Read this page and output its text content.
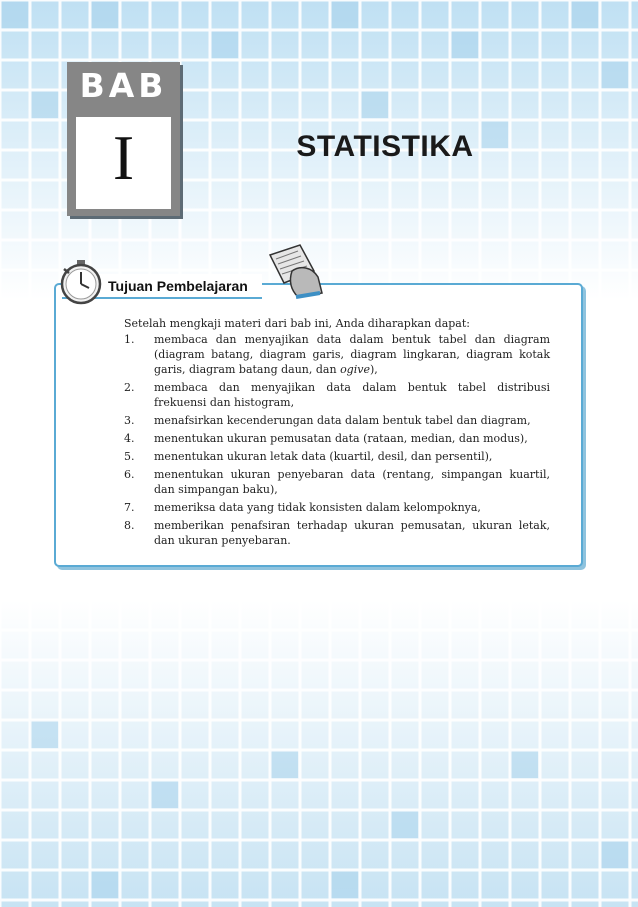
BAB
I	STATISTIKA
Tujuan Pembelajaran

Setelah mengkaji materi dari bab ini, Anda diharapkan dapat:

1.	membaca dan menyajikan data dalam bentuk tabel dan diagram (diagram batang, diagram garis, diagram lingkaran, diagram kotak garis, diagram batang daun, dan ogive),
2.	membaca dan menyajikan data dalam bentuk tabel distribusi frekuensi dan histogram,
3.	menafsirkan kecenderungan data dalam bentuk tabel dan diagram,
4.	menentukan ukuran pemusatan data (rataan, median, dan modus),
5.	menentukan ukuran letak data (kuartil, desil, dan persentil),
6.	menentukan ukuran penyebaran data (rentang, simpangan kuartil, dan simpangan baku),
7.	memeriksa data yang tidak konsisten dalam kelompoknya,
8.	memberikan penafsiran terhadap ukuran pemusatan, ukuran letak, dan ukuran penyebaran.
